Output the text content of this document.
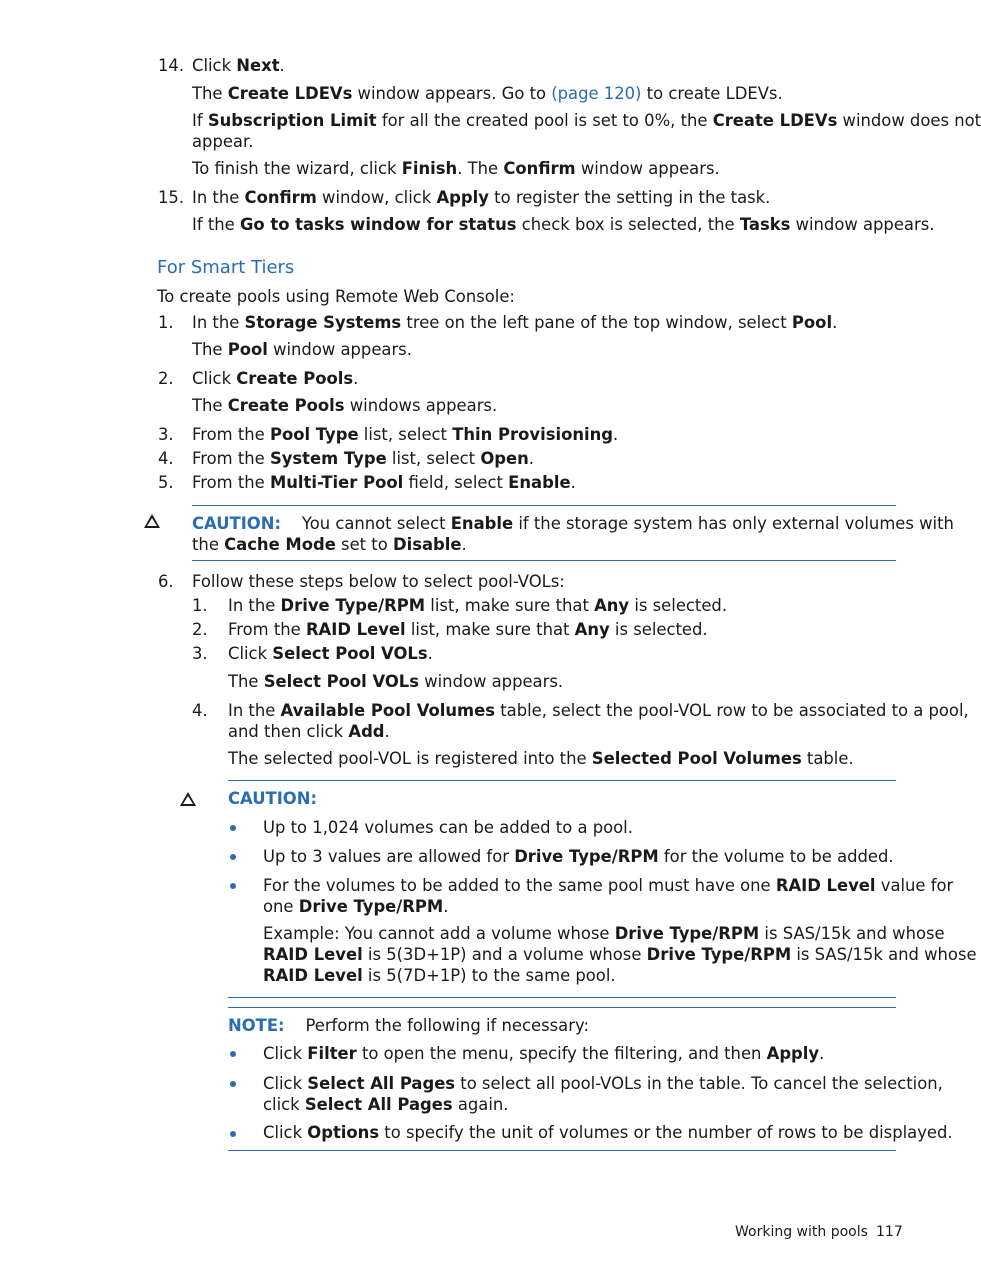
14. Click Next.
The Create LDEVs window appears. Go to (page 120) to create LDEVs.
If Subscription Limit for all the created pool is set to 0%, the Create LDEVs window does not
appear.
To finish the wizard, click Finish. The Confirm window appears.
15. In the Confirm window, click Apply to register the setting in the task.
If the Go to tasks window for status check box is selected, the Tasks window appears.
For Smart Tiers
To create pools using Remote Web Console:
1. In the Storage Systems tree on the left pane of the top window, select Pool.
The Pool window appears.
2. Click Create Pools.
The Create Pools windows appears.
3. From the Pool Type list, select Thin Provisioning.
4. From the System Type list, select Open.
5. From the Multi-Tier Pool field, select Enable.
CAUTION: You cannot select Enable if the storage system has only external volumes with
the Cache Mode set to Disable.
6. Follow these steps below to select pool-VOLs:
1. In the Drive Type/RPM list, make sure that Any is selected.
2. From the RAID Level list, make sure that Any is selected.
3. Click Select Pool VOLs.
The Select Pool VOLs window appears.
4. In the Available Pool Volumes table, select the pool-VOL row to be associated to a pool,
and then click Add.
The selected pool-VOL is registered into the Selected Pool Volumes table.
CAUTION:
Up to 1,024 volumes can be added to a pool.
Up to 3 values are allowed for Drive Type/RPM for the volume to be added.
For the volumes to be added to the same pool must have one RAID Level value for
one Drive Type/RPM.
Example: You cannot add a volume whose Drive Type/RPM is SAS/15k and whose
RAID Level is 5(3D+1P) and a volume whose Drive Type/RPM is SAS/15k and whose
RAID Level is 5(7D+1P) to the same pool.
NOTE: Perform the following if necessary:
Click Filter to open the menu, specify the filtering, and then Apply.
Click Select All Pages to select all pool-VOLs in the table. To cancel the selection,
click Select All Pages again.
Click Options to specify the unit of volumes or the number of rows to be displayed.
Working with pools 117
